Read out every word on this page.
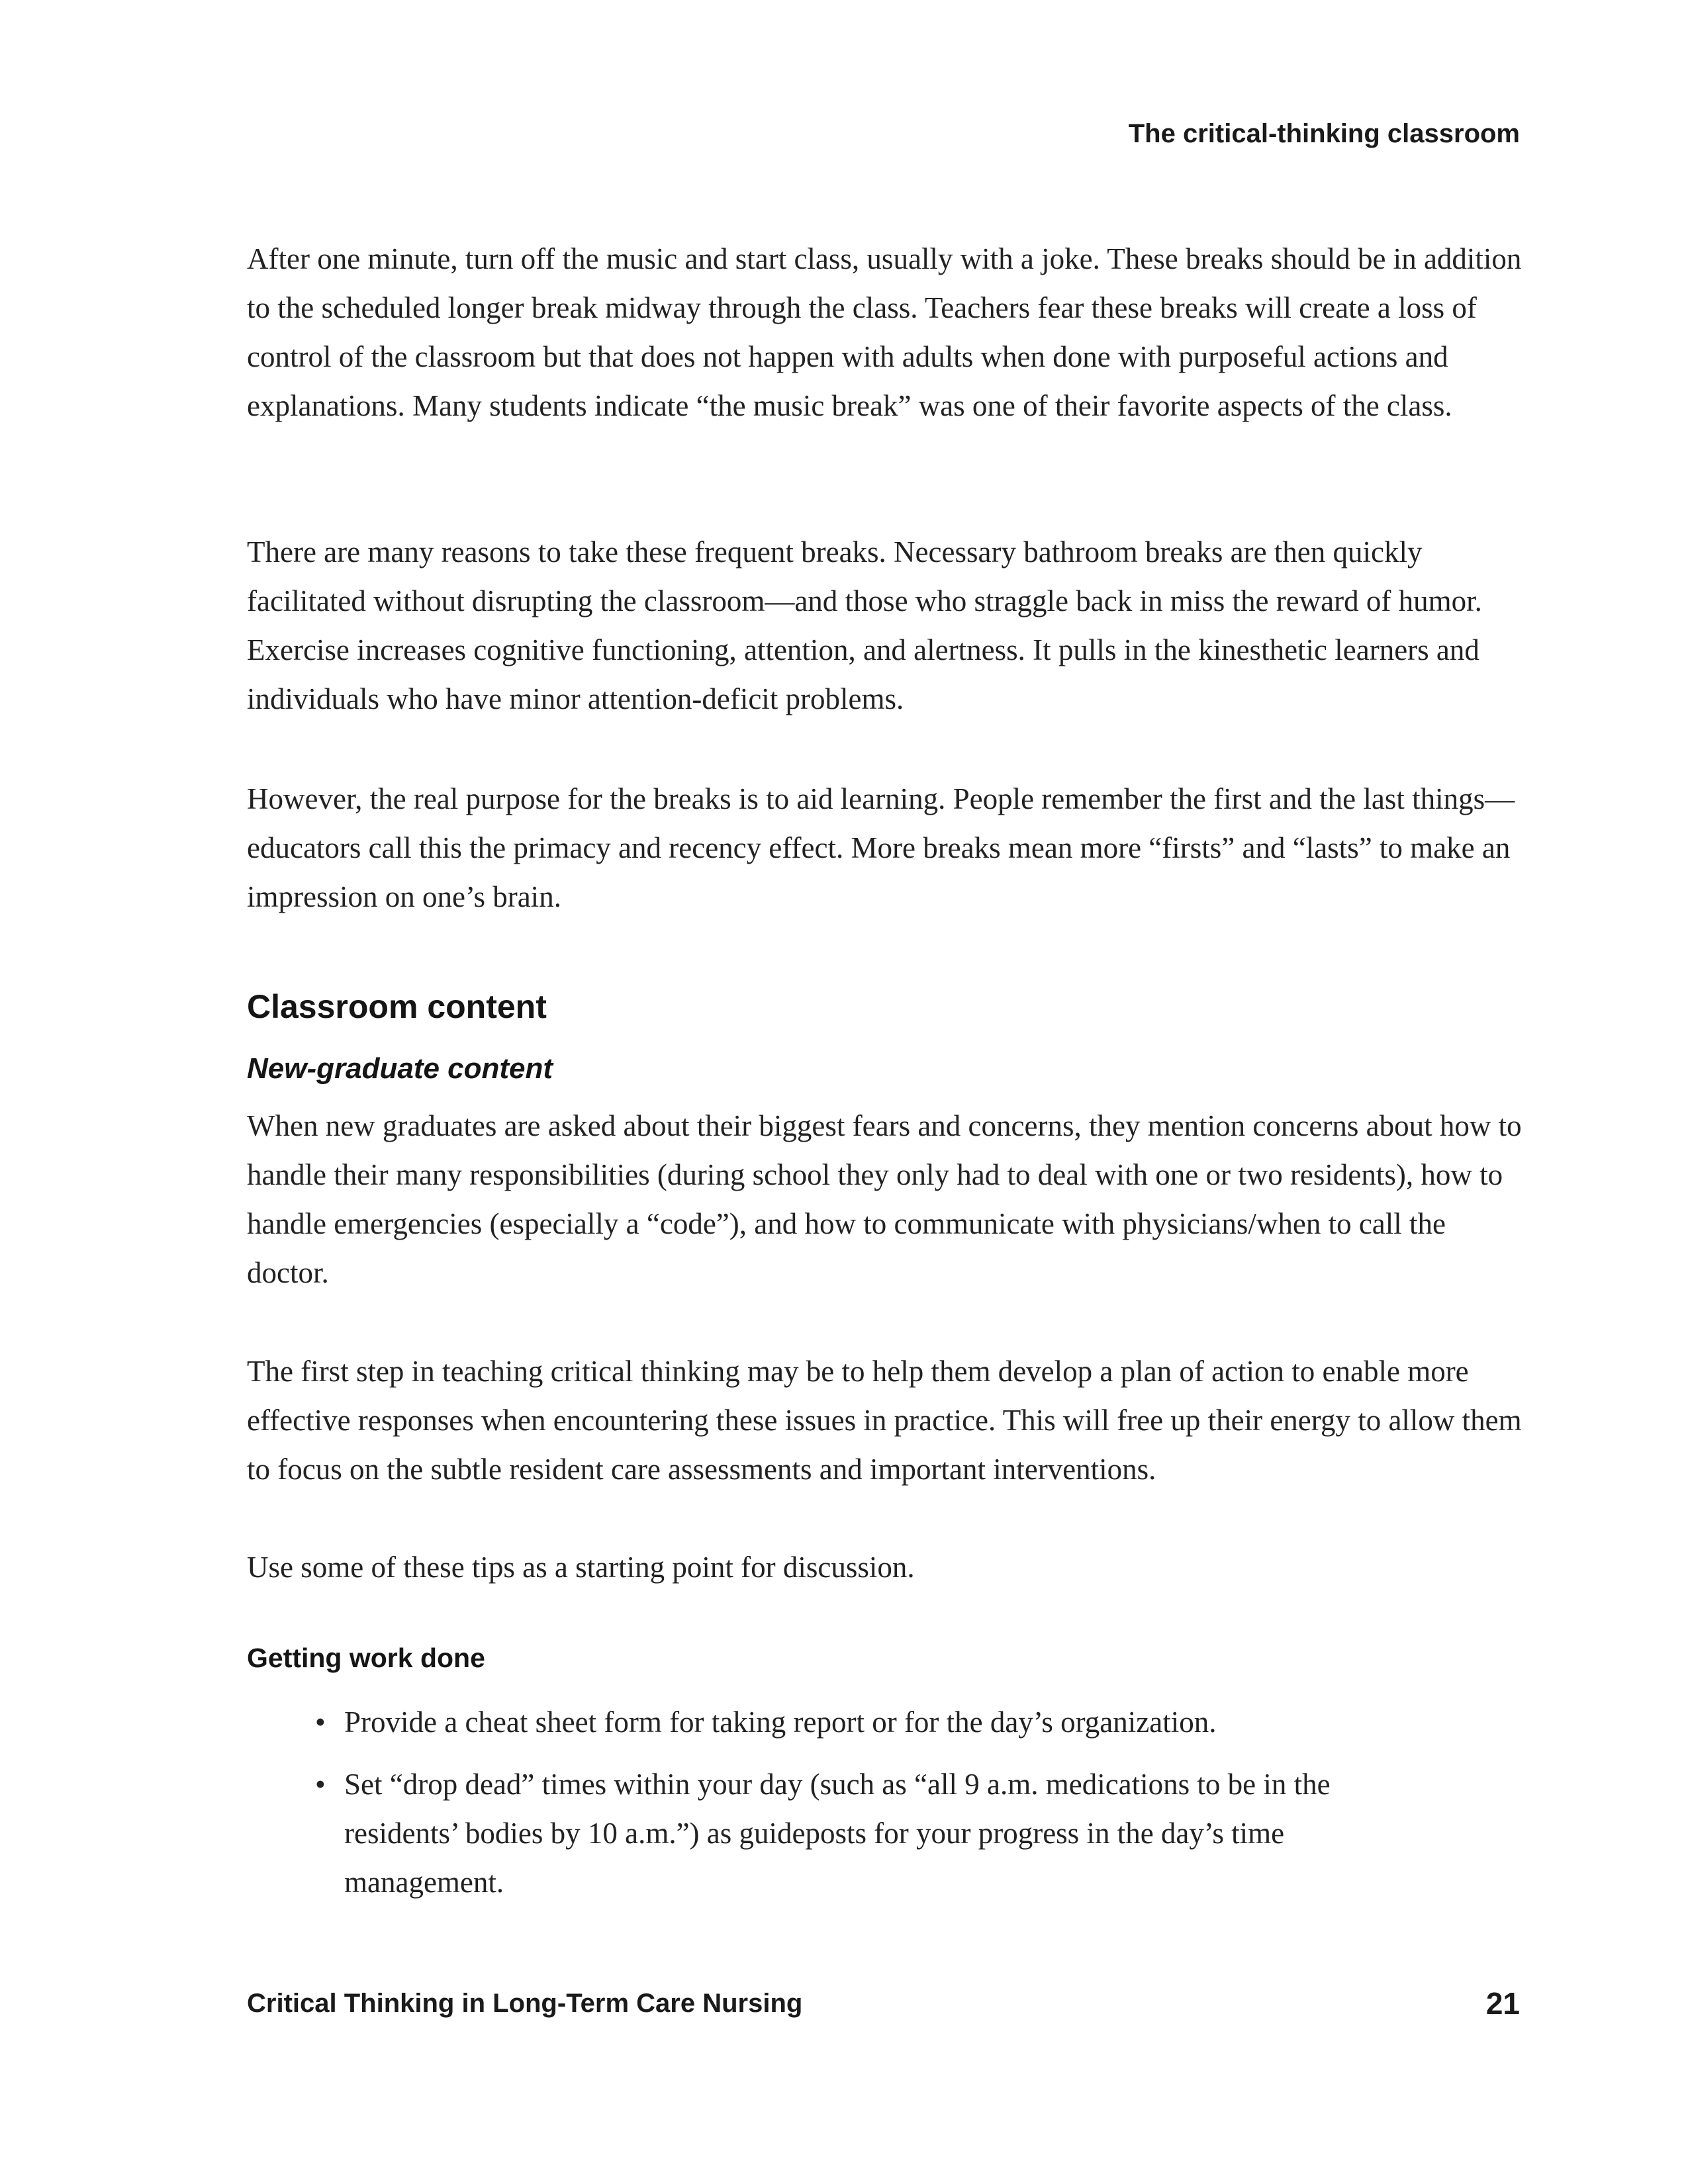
The critical-thinking classroom

After one minute, turn off the music and start class, usually with a joke. These breaks should be in addition to the scheduled longer break midway through the class. Teachers fear these breaks will create a loss of control of the classroom but that does not happen with adults when done with purposeful actions and explanations. Many students indicate “the music break” was one of their favorite aspects of the class.

There are many reasons to take these frequent breaks. Necessary bathroom breaks are then quickly facilitated without disrupting the classroom—and those who straggle back in miss the reward of humor. Exercise increases cognitive functioning, attention, and alertness. It pulls in the kinesthetic learners and individuals who have minor attention-deficit problems.

However, the real purpose for the breaks is to aid learning. People remember the first and the last things—educators call this the primacy and recency effect. More breaks mean more “firsts” and “lasts” to make an impression on one’s brain.

Classroom content
New-graduate content

When new graduates are asked about their biggest fears and concerns, they mention concerns about how to handle their many responsibilities (during school they only had to deal with one or two residents), how to handle emergencies (especially a “code”), and how to communicate with physicians/when to call the doctor.

The first step in teaching critical thinking may be to help them develop a plan of action to enable more effective responses when encountering these issues in practice. This will free up their energy to allow them to focus on the subtle resident care assessments and important interventions.

Use some of these tips as a starting point for discussion.

Getting work done
• Provide a cheat sheet form for taking report or for the day’s organization.
• Set “drop dead” times within your day (such as “all 9 a.m. medications to be in the residents’ bodies by 10 a.m.”) as guideposts for your progress in the day’s time management.
Critical Thinking in Long-Term Care Nursing	21
